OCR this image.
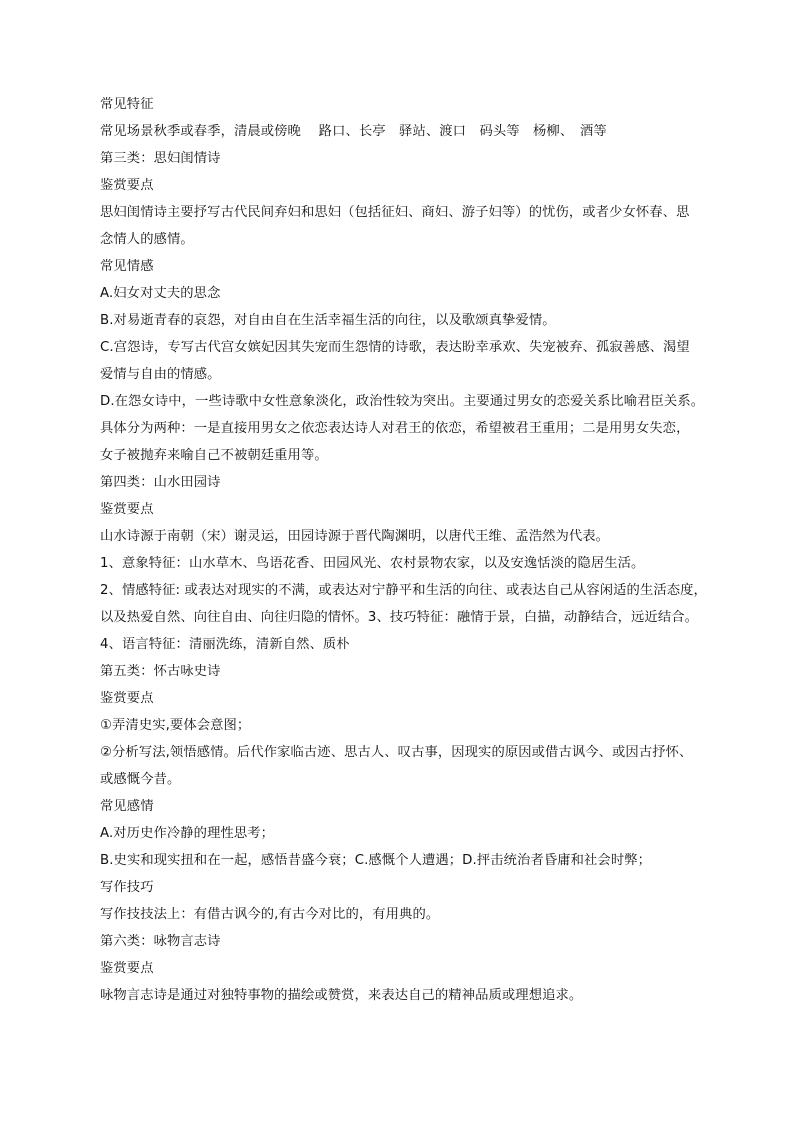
常见特征
常见场景秋季或春季，清晨或傍晚　 路口、长亭　驿站、渡口　码头等　杨柳、　酒等
第三类：思妇闺情诗
鉴赏要点
思妇闺情诗主要抒写古代民间弃妇和思妇（包括征妇、商妇、游子妇等）的忧伤，或者少女怀春、思
念情人的感情。
常见情感
A.妇女对丈夫的思念
B.对易逝青春的哀怨，对自由自在生活幸福生活的向往，以及歌颂真挚爱情。
C.宫怨诗，专写古代宫女嫔妃因其失宠而生怨情的诗歌，表达盼幸承欢、失宠被弃、孤寂善感、渴望
爱情与自由的情感。
D.在怨女诗中，一些诗歌中女性意象淡化，政治性较为突出。主要通过男女的恋爱关系比喻君臣关系。
具体分为两种：一是直接用男女之依恋表达诗人对君王的依恋，希望被君王重用；二是用男女失恋，
女子被抛弃来喻自己不被朝廷重用等。
第四类：山水田园诗
鉴赏要点
山水诗源于南朝（宋）谢灵运，田园诗源于晋代陶渊明，以唐代王维、孟浩然为代表。
1、意象特征：山水草木、鸟语花香、田园风光、农村景物农家，以及安逸恬淡的隐居生活。
2、情感特征: 或表达对现实的不满，或表达对宁静平和生活的向往、或表达自己从容闲适的生活态度，
以及热爱自然、向往自由、向往归隐的情怀。3、技巧特征：融情于景，白描，动静结合，远近结合。
4、语言特征：清丽洗练，清新自然、质朴
第五类：怀古咏史诗
鉴赏要点
①弄清史实,要体会意图；
②分析写法,领悟感情。后代作家临古迹、思古人、叹古事，因现实的原因或借古讽今、或因古抒怀、
或感慨今昔。
常见感情
A.对历史作冷静的理性思考；
B.史实和现实扭和在一起，感悟昔盛今衰；C.感慨个人遭遇；D.抨击统治者昏庸和社会时弊；
写作技巧
写作技技法上：有借古讽今的,有古今对比的，有用典的。
第六类：咏物言志诗
鉴赏要点
咏物言志诗是通过对独特事物的描绘或赞赏，来表达自己的精神品质或理想追求。
